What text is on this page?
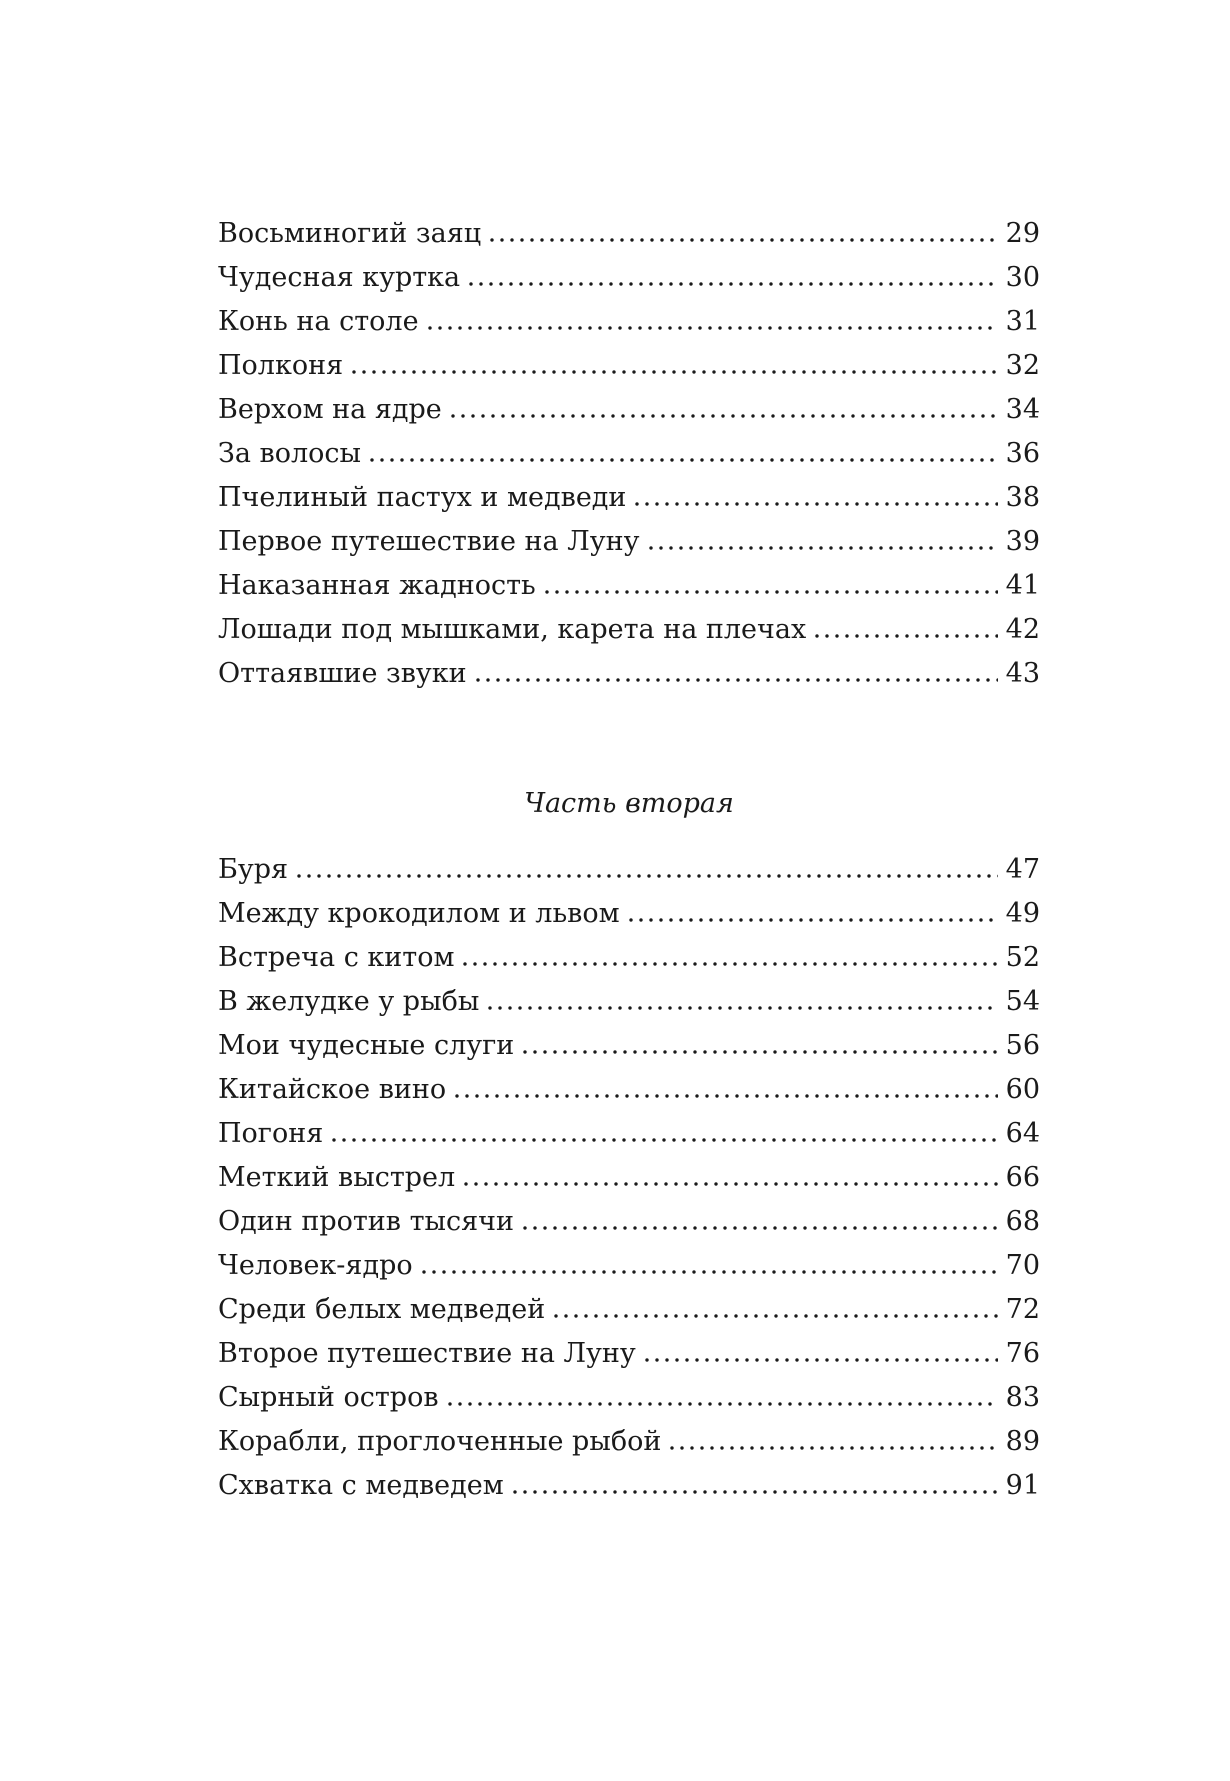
Восьминогий заяц	29
Чудесная куртка	30
Конь на столе	31
Полконя	32
Верхом на ядре	34
За волосы	36
Пчелиный пастух и медведи	38
Первое путешествие на Луну	39
Наказанная жадность	41
Лошади под мышками, карета на плечах	42
Оттаявшие звуки	43
Часть вторая
Буря	47
Между крокодилом и львом	49
Встреча с китом	52
В желудке у рыбы	54
Мои чудесные слуги	56
Китайское вино	60
Погоня	64
Меткий выстрел	66
Один против тысячи	68
Человек-ядро	70
Среди белых медведей	72
Второе путешествие на Луну	76
Сырный остров	83
Корабли, проглоченные рыбой	89
Схватка с медведем	91
